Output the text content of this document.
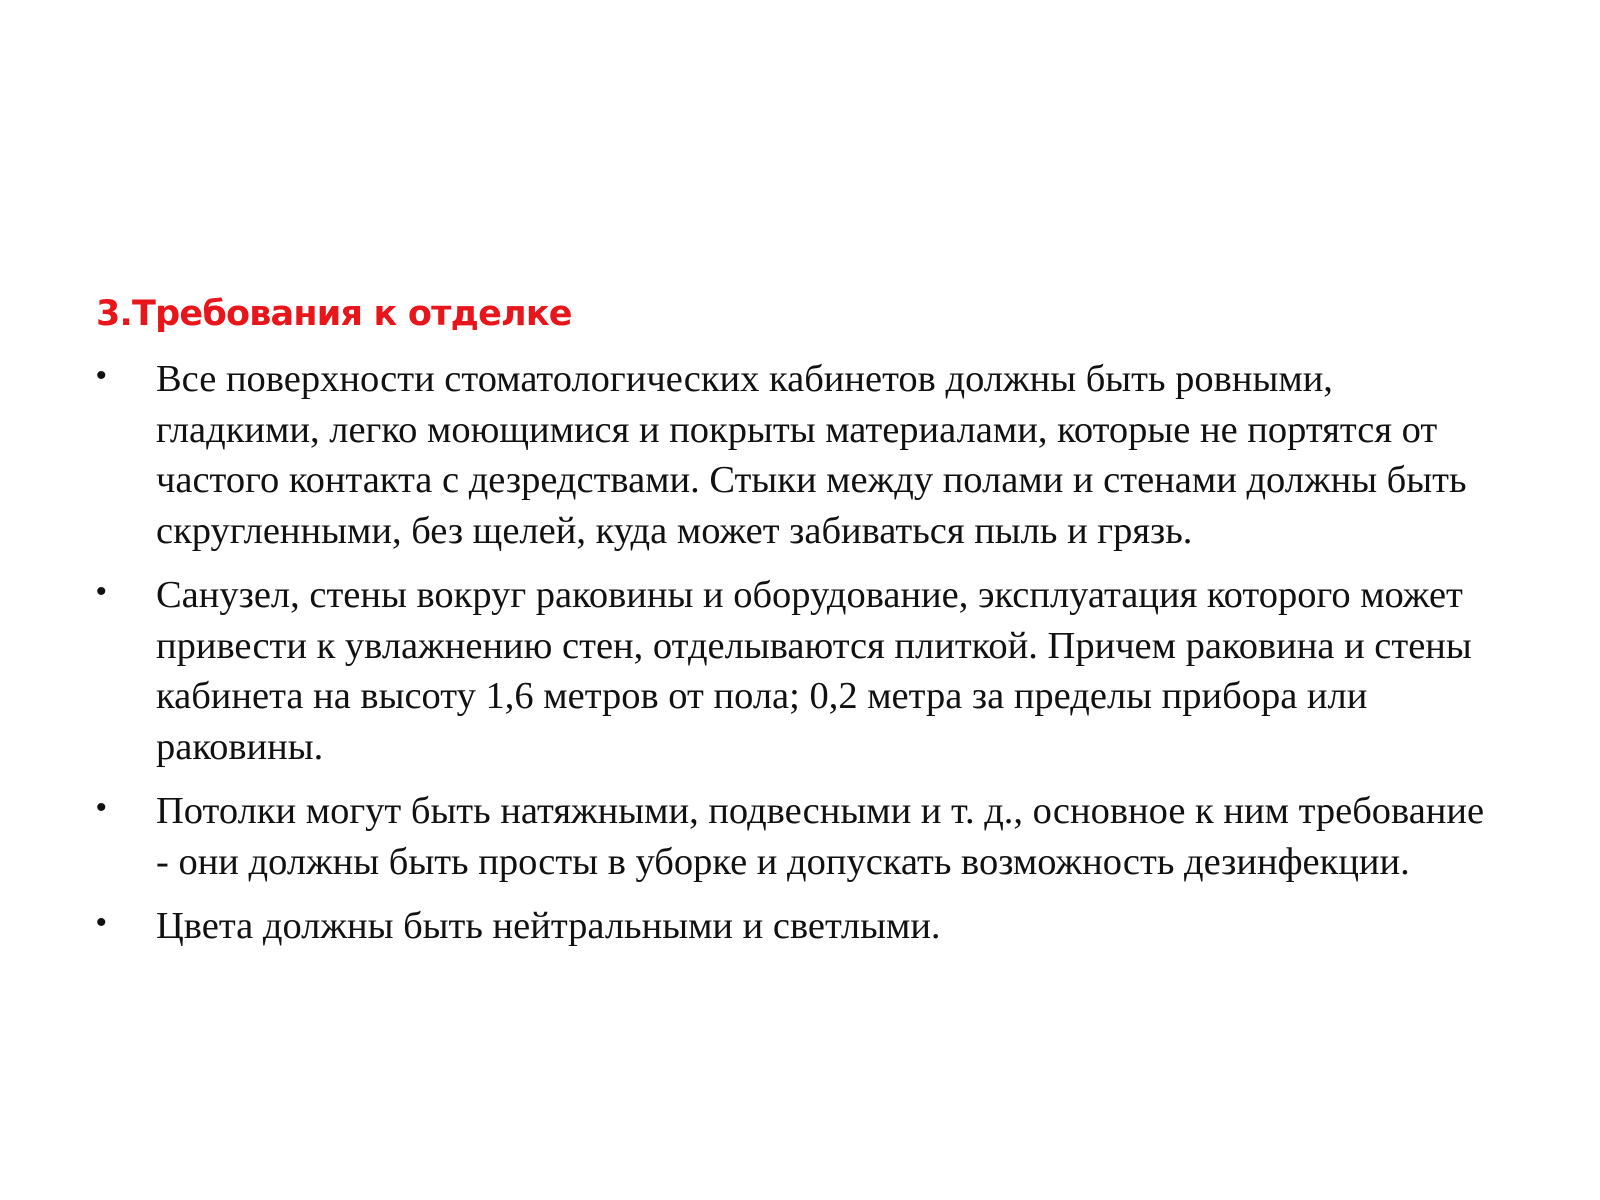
3.Требования к отделке
• Все поверхности стоматологических кабинетов должны быть ровными, гладкими, легко моющимися и покрыты материалами, которые не портятся от частого контакта с дезредствами. Стыки между полами и стенами должны быть скругленными, без щелей, куда может забиваться пыль и грязь.
• Санузел, стены вокруг раковины и оборудование, эксплуатация которого может привести к увлажнению стен, отделываются плиткой. Причем раковина и стены кабинета на высоту 1,6 метров от пола; 0,2 метра за пределы прибора или раковины.
• Потолки могут быть натяжными, подвесными и т. д., основное к ним требование - они должны быть просты в уборке и допускать возможность дезинфекции.
• Цвета должны быть нейтральными и светлыми.
